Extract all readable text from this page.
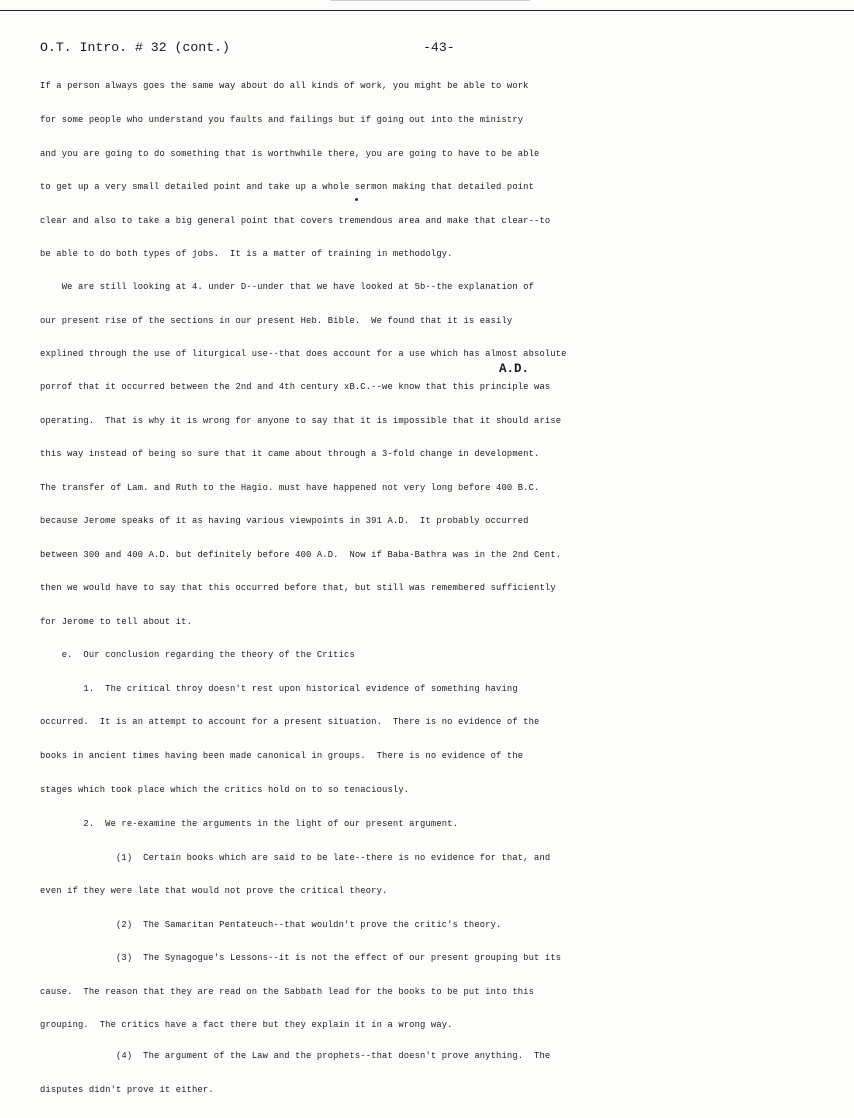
O.T. Intro. # 32 (cont.)	-43-
A.D.
If a person always goes the same way about do all kinds of work, you might be able to work
for some people who understand you faults and failings but if going out into the ministry
and you are going to do something that is worthwhile there, you are going to have to be able
to get up a very small detailed point and take up a whole sermon making that detailed point
clear and also to take a big general point that covers tremendous area and make that clear--to
be able to do both types of jobs.  It is a matter of training in methodolgy.
We are still looking at 4. under D--under that we have looked at 5b--the explanation of
our present rise of the sections in our present Heb. Bible.  We found that it is easily
explined through the use of liturgical use--that does account for a use which has almost absolute
porrof that it occurred between the 2nd and 4th century xB.C.--we know that this principle was
operating.  That is why it is wrong for anyone to say that it is impossible that it should arise
this way instead of being so sure that it came about through a 3-fold change in development.
The transfer of Lam. and Ruth to the Hagio. must have happened not very long before 400 B.C.
because Jerome speaks of it as having various viewpoints in 391 A.D.  It probably occurred
between 300 and 400 A.D. but definitely before 400 A.D.  Now if Baba-Bathra was in the 2nd Cent.
then we would have to say that this occurred before that, but still was remembered sufficiently
for Jerome to tell about it.
e.  Our conclusion regarding the theory of the Critics
1.  The critical throy doesn't rest upon historical evidence of something having
occurred.  It is an attempt to account for a present situation.  There is no evidence of the
books in ancient times having been made canonical in groups.  There is no evidence of the
stages which took place which the critics hold on to so tenaciously.
2.  We re-examine the arguments in the light of our present argument.
(1)  Certain books which are said to be late--there is no evidence for that, and
even if they were late that would not prove the critical theory.
(2)  The Samaritan Pentateuch--that wouldn't prove the critic's theory.
(3)  The Synagogue's Lessons--it is not the effect of our present grouping but its
cause.  The reason that they are read on the Sabbath lead for the books to be put into this
grouping.  The critics have a fact there but they explain it in a wrong way.
(4)  The argument of the Law and the prophets--that doesn't prove anything.  The
disputes didn't prove it either.
